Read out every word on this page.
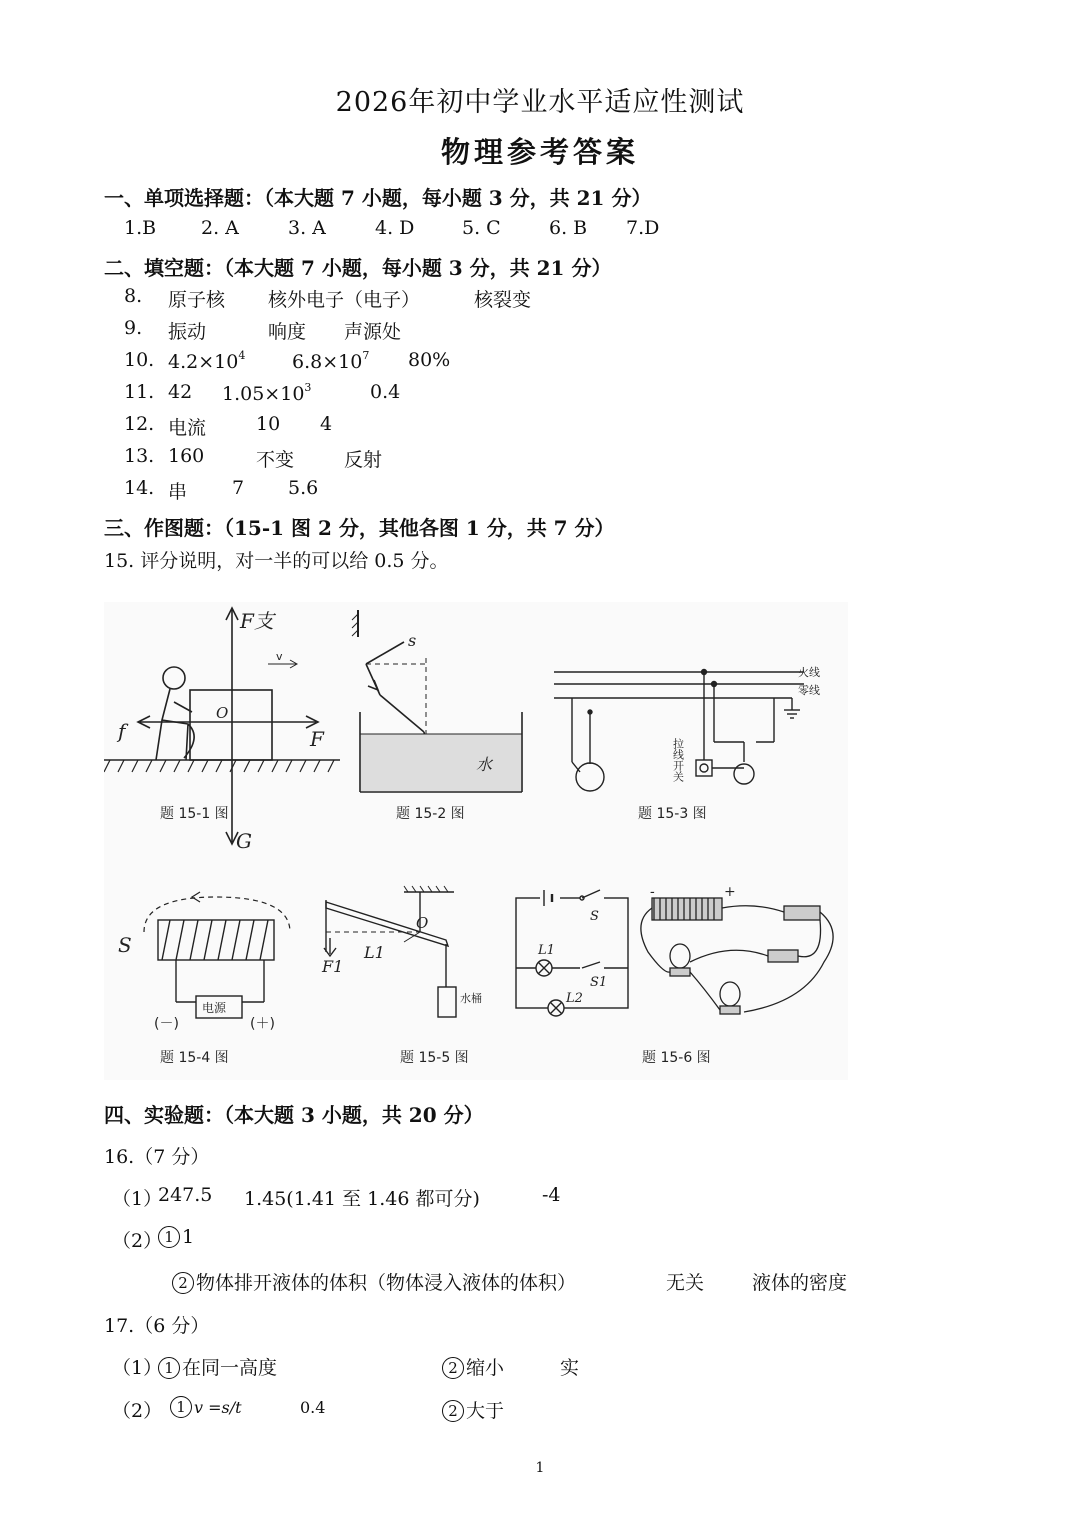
2026年初中学业水平适应性测试
物理参考答案
一、单项选择题：（本大题 7 小题，每小题 3 分，共 21 分）
1.B 2. A	3. A	4. D	5. C	6. B 7.D
二、填空题：（本大题 7 小题，每小题 3 分，共 21 分）
8. 原子核 核外电子（电子）	核裂变
9. 振动	响度 声源处
10. $4.2\times 10^4$ $6.8\times 10^7$ 80%
11. 42 $1.05\times 10^3$	0.4
12. 电流	10 4
13. 160	不变	反射
14. 串 7 5.6
三、作图题：（15-1 图 2 分，其他各图 1 分，共 7 分）
15. 评分说明，对一半的可以给 0.5 分。
F支
f	F
G
O
v
题 15-1 图
s
水
题 15-2 图
火线
零线
拉线开关
题 15-3 图
S
电源
(－)	(＋)
题 15-4 图
O
F1
L1
水桶
题 15-5 图
S
S1
L1
L2
-	+
题 15-6 图
四、实验题：（本大题 3 小题，共 20 分）
16.（7 分）
（1）
247.5 1.45(1.41 至 1.46 都可分)	-4
（2） 1 1
2 物体排开液体的体积（物体浸入液体的体积）	无关	液体的密度
17.（6 分）
（1） 1 在同一高度	2 缩小	实
（2） 1 v =s/t	0.4	2 大于
1
